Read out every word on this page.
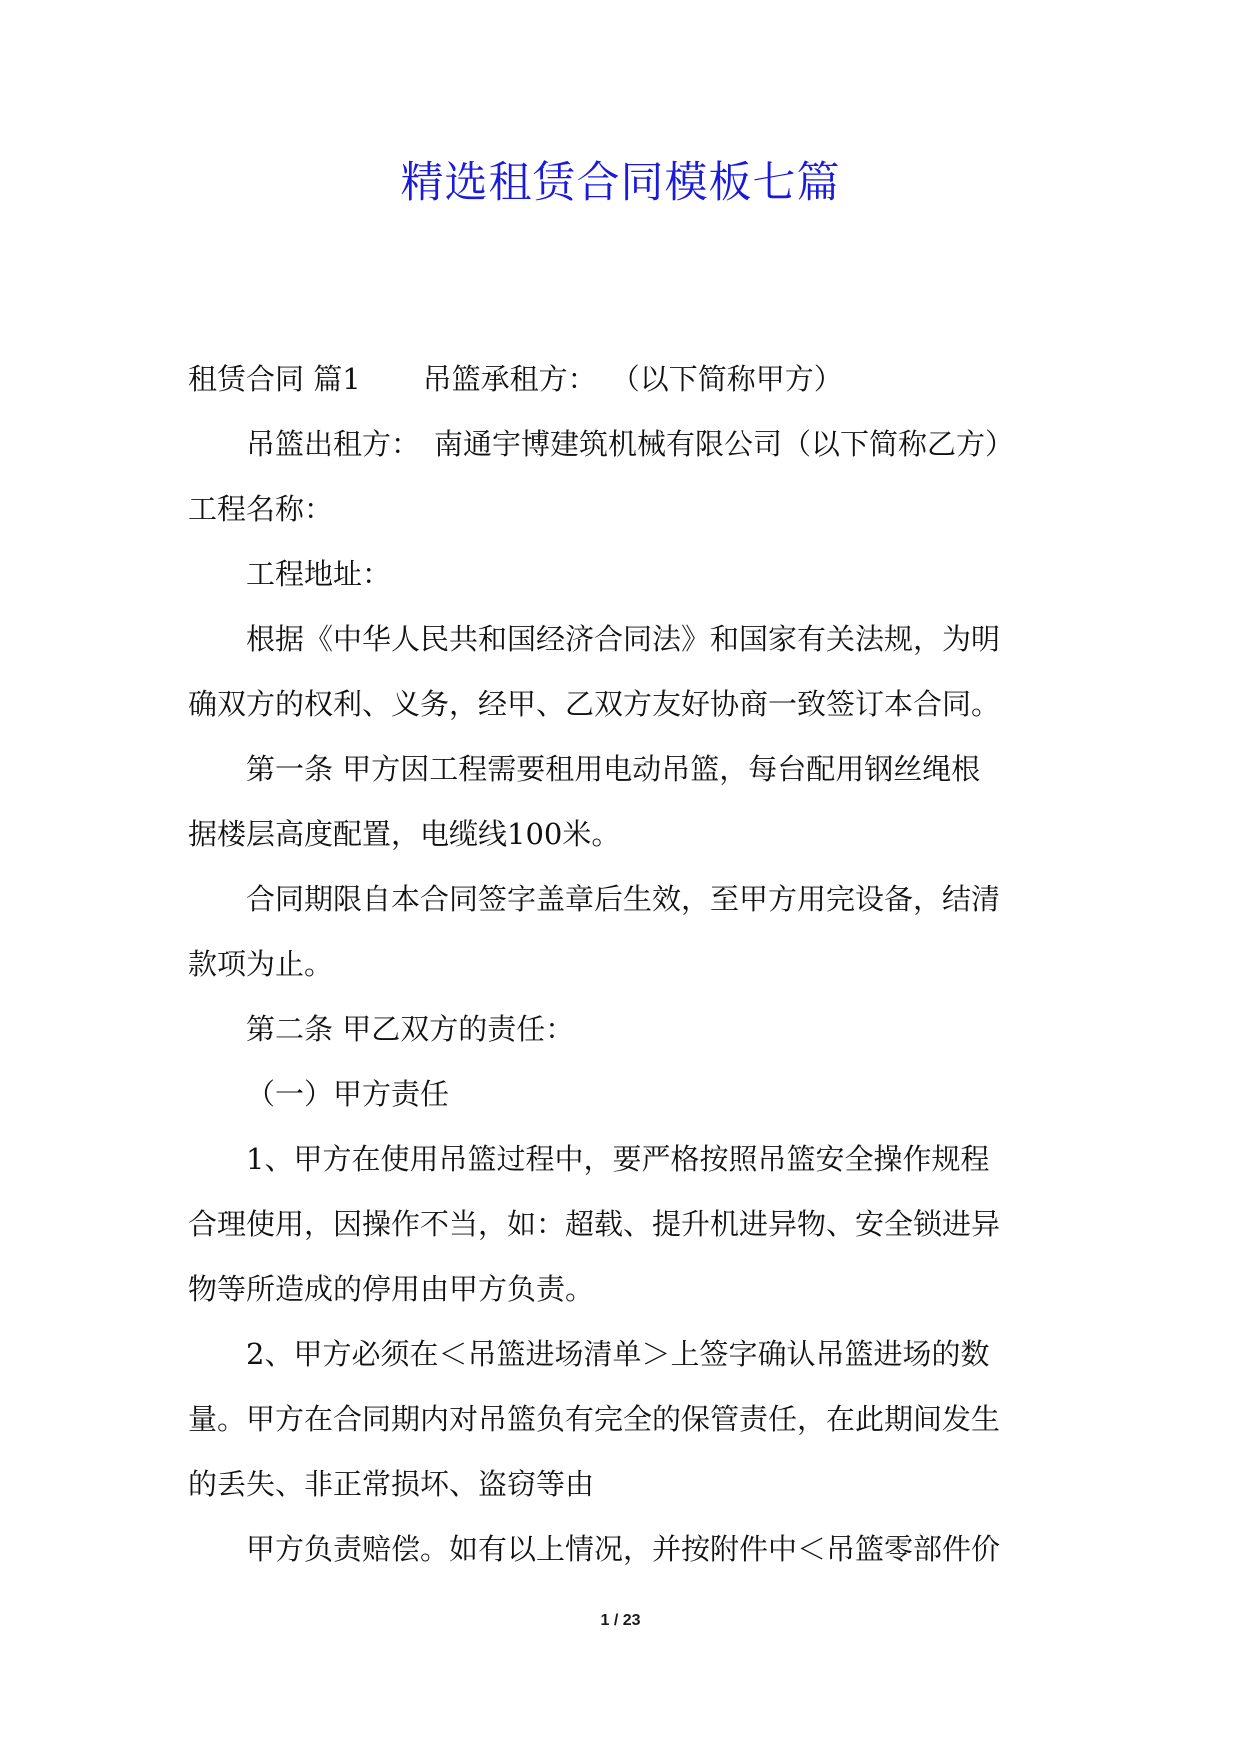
精选租赁合同模板七篇
租赁合同 篇1 吊篮承租方： （以下简称甲方）
吊篮出租方： 南通宇博建筑机械有限公司（以下简称乙方）
工程名称：
工程地址：
根据《中华人民共和国经济合同法》和国家有关法规，为明
确双方的权利、义务，经甲、乙双方友好协商一致签订本合同。
第一条 甲方因工程需要租用电动吊篮，每台配用钢丝绳根
据楼层高度配置，电缆线100米。
合同期限自本合同签字盖章后生效，至甲方用完设备，结清
款项为止。
第二条 甲乙双方的责任：
（一）甲方责任
1、甲方在使用吊篮过程中，要严格按照吊篮安全操作规程
合理使用，因操作不当，如：超载、提升机进异物、安全锁进异
物等所造成的停用由甲方负责。
2、甲方必须在＜吊篮进场清单＞上签字确认吊篮进场的数
量。甲方在合同期内对吊篮负有完全的保管责任，在此期间发生
的丢失、非正常损坏、盗窃等由
甲方负责赔偿。如有以上情况，并按附件中＜吊篮零部件价
1 / 23
